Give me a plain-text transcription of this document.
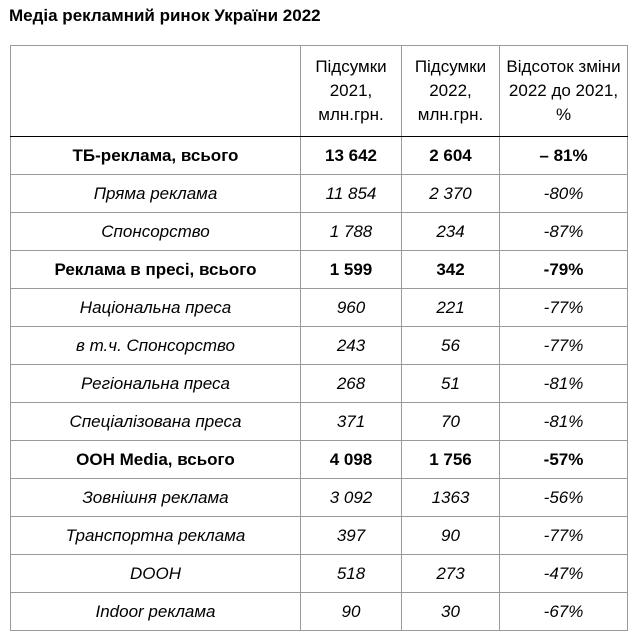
Медіа рекламний ринок України 2022
	Підсумки 2021, млн.грн.	Підсумки 2022, млн.грн.	Відсоток зміни 2022 до 2021, %
ТБ-реклама, всього	13 642	2 604	– 81%
Пряма реклама	11 854	2 370	-80%
Спонсорство	1 788	234	-87%
Реклама в пресі, всього	1 599	342	-79%
Національна преса	960	221	-77%
в т.ч. Спонсорство	243	56	-77%
Регіональна преса	268	51	-81%
Спеціалізована преса	371	70	-81%
OOH Media, всього	4 098	1 756	-57%
Зовнішня реклама	3 092	1363	-56%
Транспортна реклама	397	90	-77%
DOOH	518	273	-47%
Indoor реклама	90	30	-67%
